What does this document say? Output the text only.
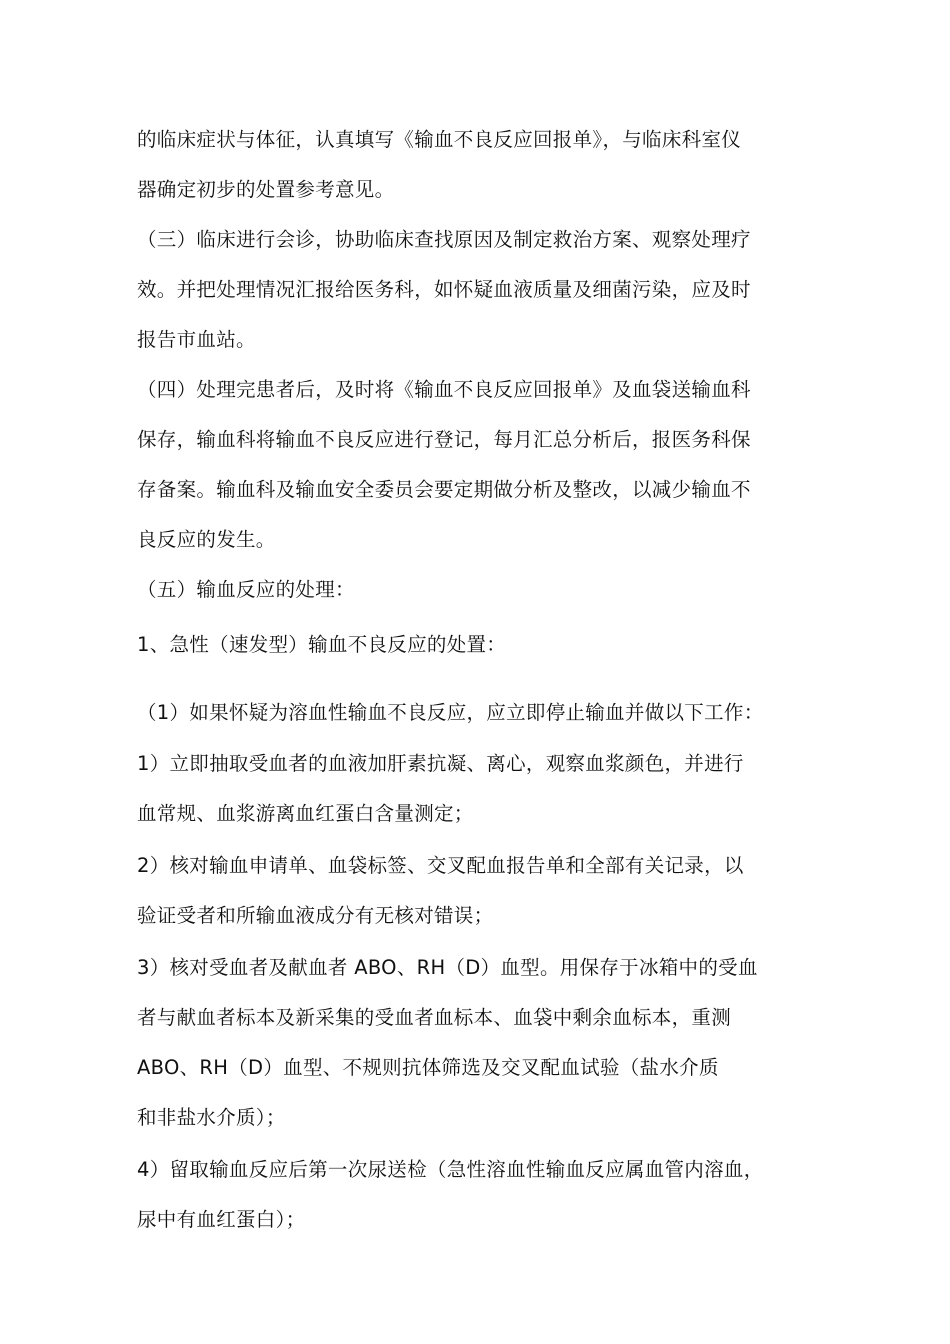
的临床症状与体征，认真填写《输血不良反应回报单》，与临床科室仪
器确定初步的处置参考意见。
（三）临床进行会诊，协助临床查找原因及制定救治方案、观察处理疗
效。并把处理情况汇报给医务科，如怀疑血液质量及细菌污染，应及时
报告市血站。
（四）处理完患者后，及时将《输血不良反应回报单》及血袋送输血科
保存，输血科将输血不良反应进行登记，每月汇总分析后，报医务科保
存备案。输血科及输血安全委员会要定期做分析及整改，以减少输血不
良反应的发生。
（五）输血反应的处理：
1、急性（速发型）输血不良反应的处置：
（1）如果怀疑为溶血性输血不良反应，应立即停止输血并做以下工作：
1）立即抽取受血者的血液加肝素抗凝、离心，观察血浆颜色，并进行
血常规、血浆游离血红蛋白含量测定；
2）核对输血申请单、血袋标签、交叉配血报告单和全部有关记录，以
验证受者和所输血液成分有无核对错误；
3）核对受血者及献血者 ABO、RH（D）血型。用保存于冰箱中的受血
者与献血者标本及新采集的受血者血标本、血袋中剩余血标本，重测
ABO、RH（D）血型、不规则抗体筛选及交叉配血试验（盐水介质
和非盐水介质）；
4）留取输血反应后第一次尿送检（急性溶血性输血反应属血管内溶血，
尿中有血红蛋白）；
